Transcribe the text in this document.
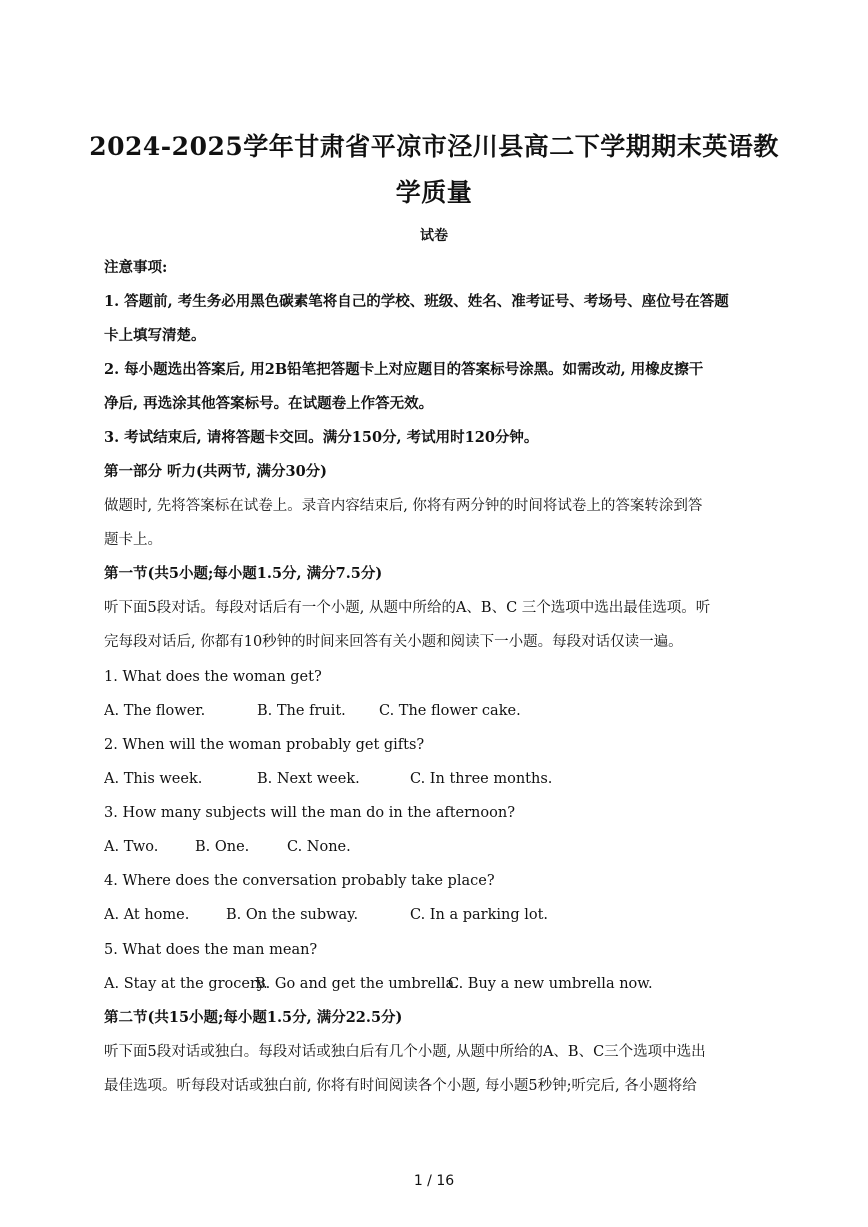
2024-2025学年甘肃省平凉市泾川县高二下学期期末英语教
学质量
试卷
注意事项:
1. 答题前, 考生务必用黑色碳素笔将自己的学校、班级、姓名、准考证号、考场号、座位号在答题
卡上填写清楚。
2. 每小题选出答案后, 用2B铅笔把答题卡上对应题目的答案标号涂黑。如需改动, 用橡皮擦干
净后, 再选涂其他答案标号。在试题卷上作答无效。
3. 考试结束后, 请将答题卡交回。满分150分, 考试用时120分钟。
第一部分 听力(共两节, 满分30分)
做题时, 先将答案标在试卷上。录音内容结束后, 你将有两分钟的时间将试卷上的答案转涂到答
题卡上。
第一节(共5小题;每小题1.5分, 满分7.5分)
听下面5段对话。每段对话后有一个小题, 从题中所给的A、B、C 三个选项中选出最佳选项。听
完每段对话后, 你都有10秒钟的时间来回答有关小题和阅读下一小题。每段对话仅读一遍。
1. What does the woman get?
A. The flower.	B. The fruit. C. The flower cake.
2. When will the woman probably get gifts?
A. This week.	B. Next week.	C. In three months.
3. How many subjects will the man do in the afternoon?
A. Two.	B. One.	C. None.
4. Where does the conversation probably take place?
A. At home.	B. On the subway.	C. In a parking lot.
5. What does the man mean?
A. Stay at the grocery.B. Go and get the umbrella.C. Buy a new umbrella now.
第二节(共15小题;每小题1.5分, 满分22.5分)
听下面5段对话或独白。每段对话或独白后有几个小题, 从题中所给的A、B、C三个选项中选出
最佳选项。听每段对话或独白前, 你将有时间阅读各个小题, 每小题5秒钟;听完后, 各小题将给
1 / 16
